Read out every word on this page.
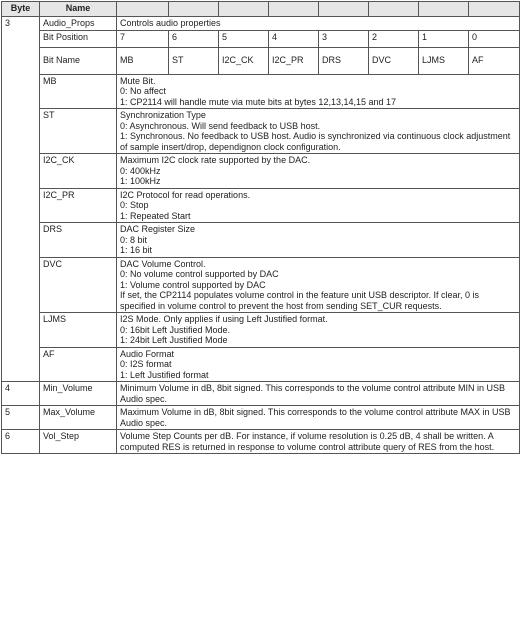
Byte	Name								
3	Audio_Props	Controls audio properties							
	Bit Position	7	6	5	4	3	2	1	0
	Bit Name	MB	ST	I2C_CK	I2C_PR	DRS	DVC	LJMS	AF
	MB	Mute Bit.
0: No affect
1: CP2114 will handle mute via mute bits at bytes 12,13,14,15 and 17							

	ST	Synchronization Type
0: Asynchronous. Will send feedback to USB host.
1: Synchronous. No feedback to USB host. Audio is synchronized via continuous clock adjustment of sample insert/drop, dependignon clock configuration.							

	I2C_CK	Maximum I2C clock rate supported by the DAC.
0: 400kHz
1: 100kHz							

	I2C_PR	I2C Protocol for read operations.
0: Stop
1: Repeated Start							

	DRS	DAC Register Size
0: 8 bit
1: 16 bit							

	DVC	DAC Volume Control.
0: No volume control supported by DAC
1: Volume control supported by DAC
If set, the CP2114 populates volume control in the feature unit USB descriptor. If clear, 0 is specified in volume control to prevent the host from sending SET_CUR requests.							

	LJMS	I2S Mode. Only applies if using Left Justified format.
0: 16bit Left Justified Mode.
1: 24bit Left Justified Mode							

	AF	Audio Format
0: I2S format
1: Left Justified format							

4	Min_Volume	Minimum Volume in dB, 8bit signed. This corresponds to the volume control attribute MIN in USB Audio spec.							
5	Max_Volume	Maximum Volume in dB, 8bit signed. This corresponds to the volume control attribute MAX in USB Audio spec.							
6	Vol_Step	Volume Step Counts per dB. For instance, if volume resolution is 0.25 dB, 4 shall be written. A computed RES is returned in response to volume control attribute query of RES from the host.							
